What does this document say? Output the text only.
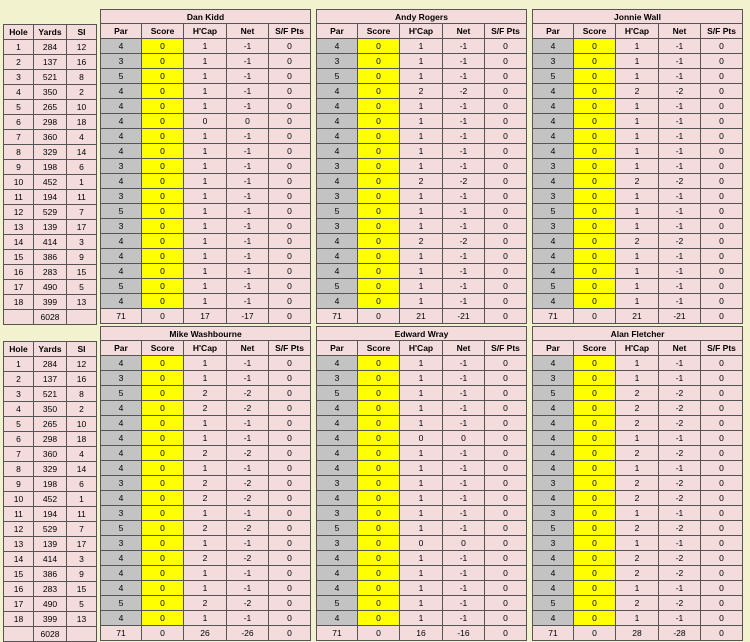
Hole	Yards	SI
1	284	12
2	137	16
3	521	8
4	350	2
5	265	10
6	298	18
7	360	4
8	329	14
9	198	6
10	452	1
11	194	11
12	529	7
13	139	17
14	414	3
15	386	9
16	283	15
17	490	5
18	399	13
	6028	
Dan Kidd				
Par	Score	H'Cap	Net	S/F Pts
4	0	1	-1	0
3	0	1	-1	0
5	0	1	-1	0
4	0	1	-1	0
4	0	1	-1	0
4	0	0	0	0
4	0	1	-1	0
4	0	1	-1	0
3	0	1	-1	0
4	0	1	-1	0
3	0	1	-1	0
5	0	1	-1	0
3	0	1	-1	0
4	0	1	-1	0
4	0	1	-1	0
4	0	1	-1	0
5	0	1	-1	0
4	0	1	-1	0
71	0	17	-17	0
Andy Rogers				
Par	Score	H'Cap	Net	S/F Pts
4	0	1	-1	0
3	0	1	-1	0
5	0	1	-1	0
4	0	2	-2	0
4	0	1	-1	0
4	0	1	-1	0
4	0	1	-1	0
4	0	1	-1	0
3	0	1	-1	0
4	0	2	-2	0
3	0	1	-1	0
5	0	1	-1	0
3	0	1	-1	0
4	0	2	-2	0
4	0	1	-1	0
4	0	1	-1	0
5	0	1	-1	0
4	0	1	-1	0
71	0	21	-21	0
Jonnie Wall				
Par	Score	H'Cap	Net	S/F Pts
4	0	1	-1	0
3	0	1	-1	0
5	0	1	-1	0
4	0	2	-2	0
4	0	1	-1	0
4	0	1	-1	0
4	0	1	-1	0
4	0	1	-1	0
3	0	1	-1	0
4	0	2	-2	0
3	0	1	-1	0
5	0	1	-1	0
3	0	1	-1	0
4	0	2	-2	0
4	0	1	-1	0
4	0	1	-1	0
5	0	1	-1	0
4	0	1	-1	0
71	0	21	-21	0
Hole	Yards	SI
1	284	12
2	137	16
3	521	8
4	350	2
5	265	10
6	298	18
7	360	4
8	329	14
9	198	6
10	452	1
11	194	11
12	529	7
13	139	17
14	414	3
15	386	9
16	283	15
17	490	5
18	399	13
	6028	
Mike Washbourne				
Par	Score	H'Cap	Net	S/F Pts
4	0	1	-1	0
3	0	1	-1	0
5	0	2	-2	0
4	0	2	-2	0
4	0	1	-1	0
4	0	1	-1	0
4	0	2	-2	0
4	0	1	-1	0
3	0	2	-2	0
4	0	2	-2	0
3	0	1	-1	0
5	0	2	-2	0
3	0	1	-1	0
4	0	2	-2	0
4	0	1	-1	0
4	0	1	-1	0
5	0	2	-2	0
4	0	1	-1	0
71	0	26	-26	0
Edward Wray				
Par	Score	H'Cap	Net	S/F Pts
4	0	1	-1	0
3	0	1	-1	0
5	0	1	-1	0
4	0	1	-1	0
4	0	1	-1	0
4	0	0	0	0
4	0	1	-1	0
4	0	1	-1	0
3	0	1	-1	0
4	0	1	-1	0
3	0	1	-1	0
5	0	1	-1	0
3	0	0	0	0
4	0	1	-1	0
4	0	1	-1	0
4	0	1	-1	0
5	0	1	-1	0
4	0	1	-1	0
71	0	16	-16	0
Alan Fletcher				
Par	Score	H'Cap	Net	S/F Pts
4	0	1	-1	0
3	0	1	-1	0
5	0	2	-2	0
4	0	2	-2	0
4	0	2	-2	0
4	0	1	-1	0
4	0	2	-2	0
4	0	1	-1	0
3	0	2	-2	0
4	0	2	-2	0
3	0	1	-1	0
5	0	2	-2	0
3	0	1	-1	0
4	0	2	-2	0
4	0	2	-2	0
4	0	1	-1	0
5	0	2	-2	0
4	0	1	-1	0
71	0	28	-28	0
